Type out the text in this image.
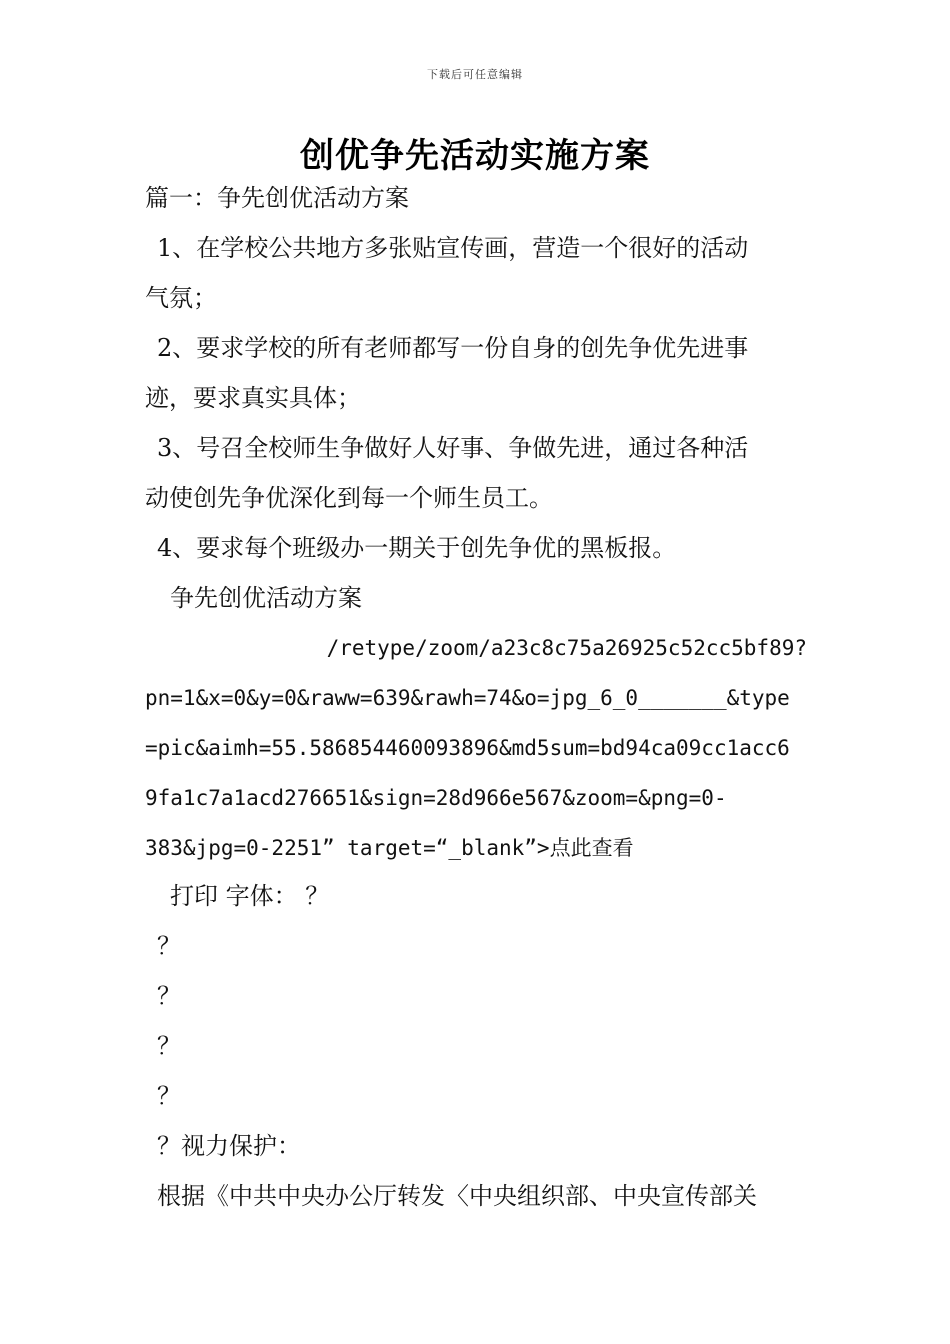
下载后可任意编辑
创优争先活动实施方案
篇一：争先创优活动方案
1、在学校公共地方多张贴宣传画，营造一个很好的活动
气氛；
2、要求学校的所有老师都写一份自身的创先争优先进事
迹，要求真实具体；
3、号召全校师生争做好人好事、争做先进，通过各种活
动使创先争优深化到每一个师生员工。
4、要求每个班级办一期关于创先争优的黑板报。
争先创优活动方案
/retype/zoom/a23c8c75a26925c52cc5bf89?
pn=1&x=0&y=0&raww=639&rawh=74&o=jpg_6_0_______&type
=pic&aimh=55.586854460093896&md5sum=bd94ca09cc1acc6
9fa1c7a1acd276651&sign=28d966e567&zoom=&png=0-
383&jpg=0-2251” target=“_blank”>点此查看
打印 字体： ？
？
？
？
？
？视力保护：
根据《中共中央办公厅转发〈中央组织部、中央宣传部关
